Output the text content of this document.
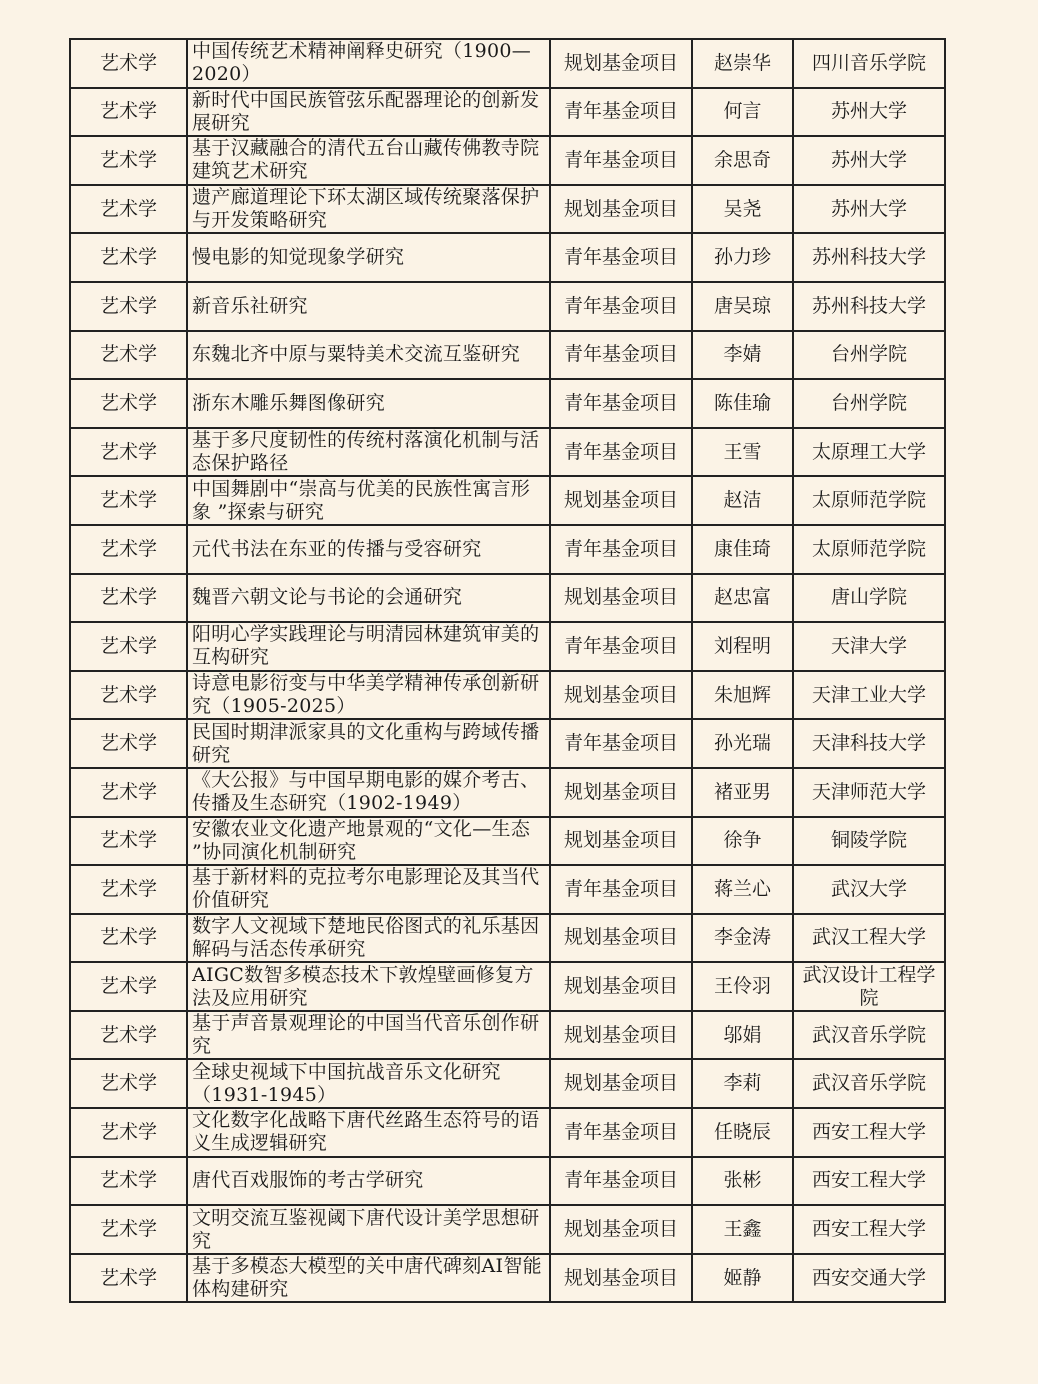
艺术学	中国传统艺术精神阐释史研究（1900—2020）	规划基金项目	赵崇华	四川音乐学院
艺术学	新时代中国民族管弦乐配器理论的创新发展研究	青年基金项目	何言	苏州大学
艺术学	基于汉藏融合的清代五台山藏传佛教寺院建筑艺术研究	青年基金项目	余思奇	苏州大学
艺术学	遗产廊道理论下环太湖区域传统聚落保护与开发策略研究	规划基金项目	吴尧	苏州大学
艺术学	慢电影的知觉现象学研究	青年基金项目	孙力珍	苏州科技大学
艺术学	新音乐社研究	青年基金项目	唐吴琼	苏州科技大学
艺术学	东魏北齐中原与粟特美术交流互鉴研究	青年基金项目	李婧	台州学院
艺术学	浙东木雕乐舞图像研究	青年基金项目	陈佳瑜	台州学院
艺术学	基于多尺度韧性的传统村落演化机制与活态保护路径	青年基金项目	王雪	太原理工大学
艺术学	中国舞剧中“崇高与优美的民族性寓言形象 ”探索与研究	规划基金项目	赵洁	太原师范学院
艺术学	元代书法在东亚的传播与受容研究	青年基金项目	康佳琦	太原师范学院
艺术学	魏晋六朝文论与书论的会通研究	规划基金项目	赵忠富	唐山学院
艺术学	阳明心学实践理论与明清园林建筑审美的互构研究	青年基金项目	刘程明	天津大学
艺术学	诗意电影衍变与中华美学精神传承创新研究（1905-2025）	规划基金项目	朱旭辉	天津工业大学
艺术学	民国时期津派家具的文化重构与跨域传播研究	青年基金项目	孙光瑞	天津科技大学
艺术学	《大公报》与中国早期电影的媒介考古、传播及生态研究（1902-1949）	规划基金项目	褚亚男	天津师范大学
艺术学	安徽农业文化遗产地景观的“文化—生态 ”协同演化机制研究	规划基金项目	徐争	铜陵学院
艺术学	基于新材料的克拉考尔电影理论及其当代价值研究	青年基金项目	蒋兰心	武汉大学
艺术学	数字人文视域下楚地民俗图式的礼乐基因解码与活态传承研究	规划基金项目	李金涛	武汉工程大学
艺术学	AIGC数智多模态技术下敦煌壁画修复方法及应用研究	规划基金项目	王伶羽	武汉设计工程学院
艺术学	基于声音景观理论的中国当代音乐创作研究	规划基金项目	邬娟	武汉音乐学院
艺术学	全球史视域下中国抗战音乐文化研究（1931-1945）	规划基金项目	李莉	武汉音乐学院
艺术学	文化数字化战略下唐代丝路生态符号的语义生成逻辑研究	青年基金项目	任晓辰	西安工程大学
艺术学	唐代百戏服饰的考古学研究	青年基金项目	张彬	西安工程大学
艺术学	文明交流互鉴视阈下唐代设计美学思想研究	规划基金项目	王鑫	西安工程大学
艺术学	基于多模态大模型的关中唐代碑刻AI智能体构建研究	规划基金项目	姬静	西安交通大学
